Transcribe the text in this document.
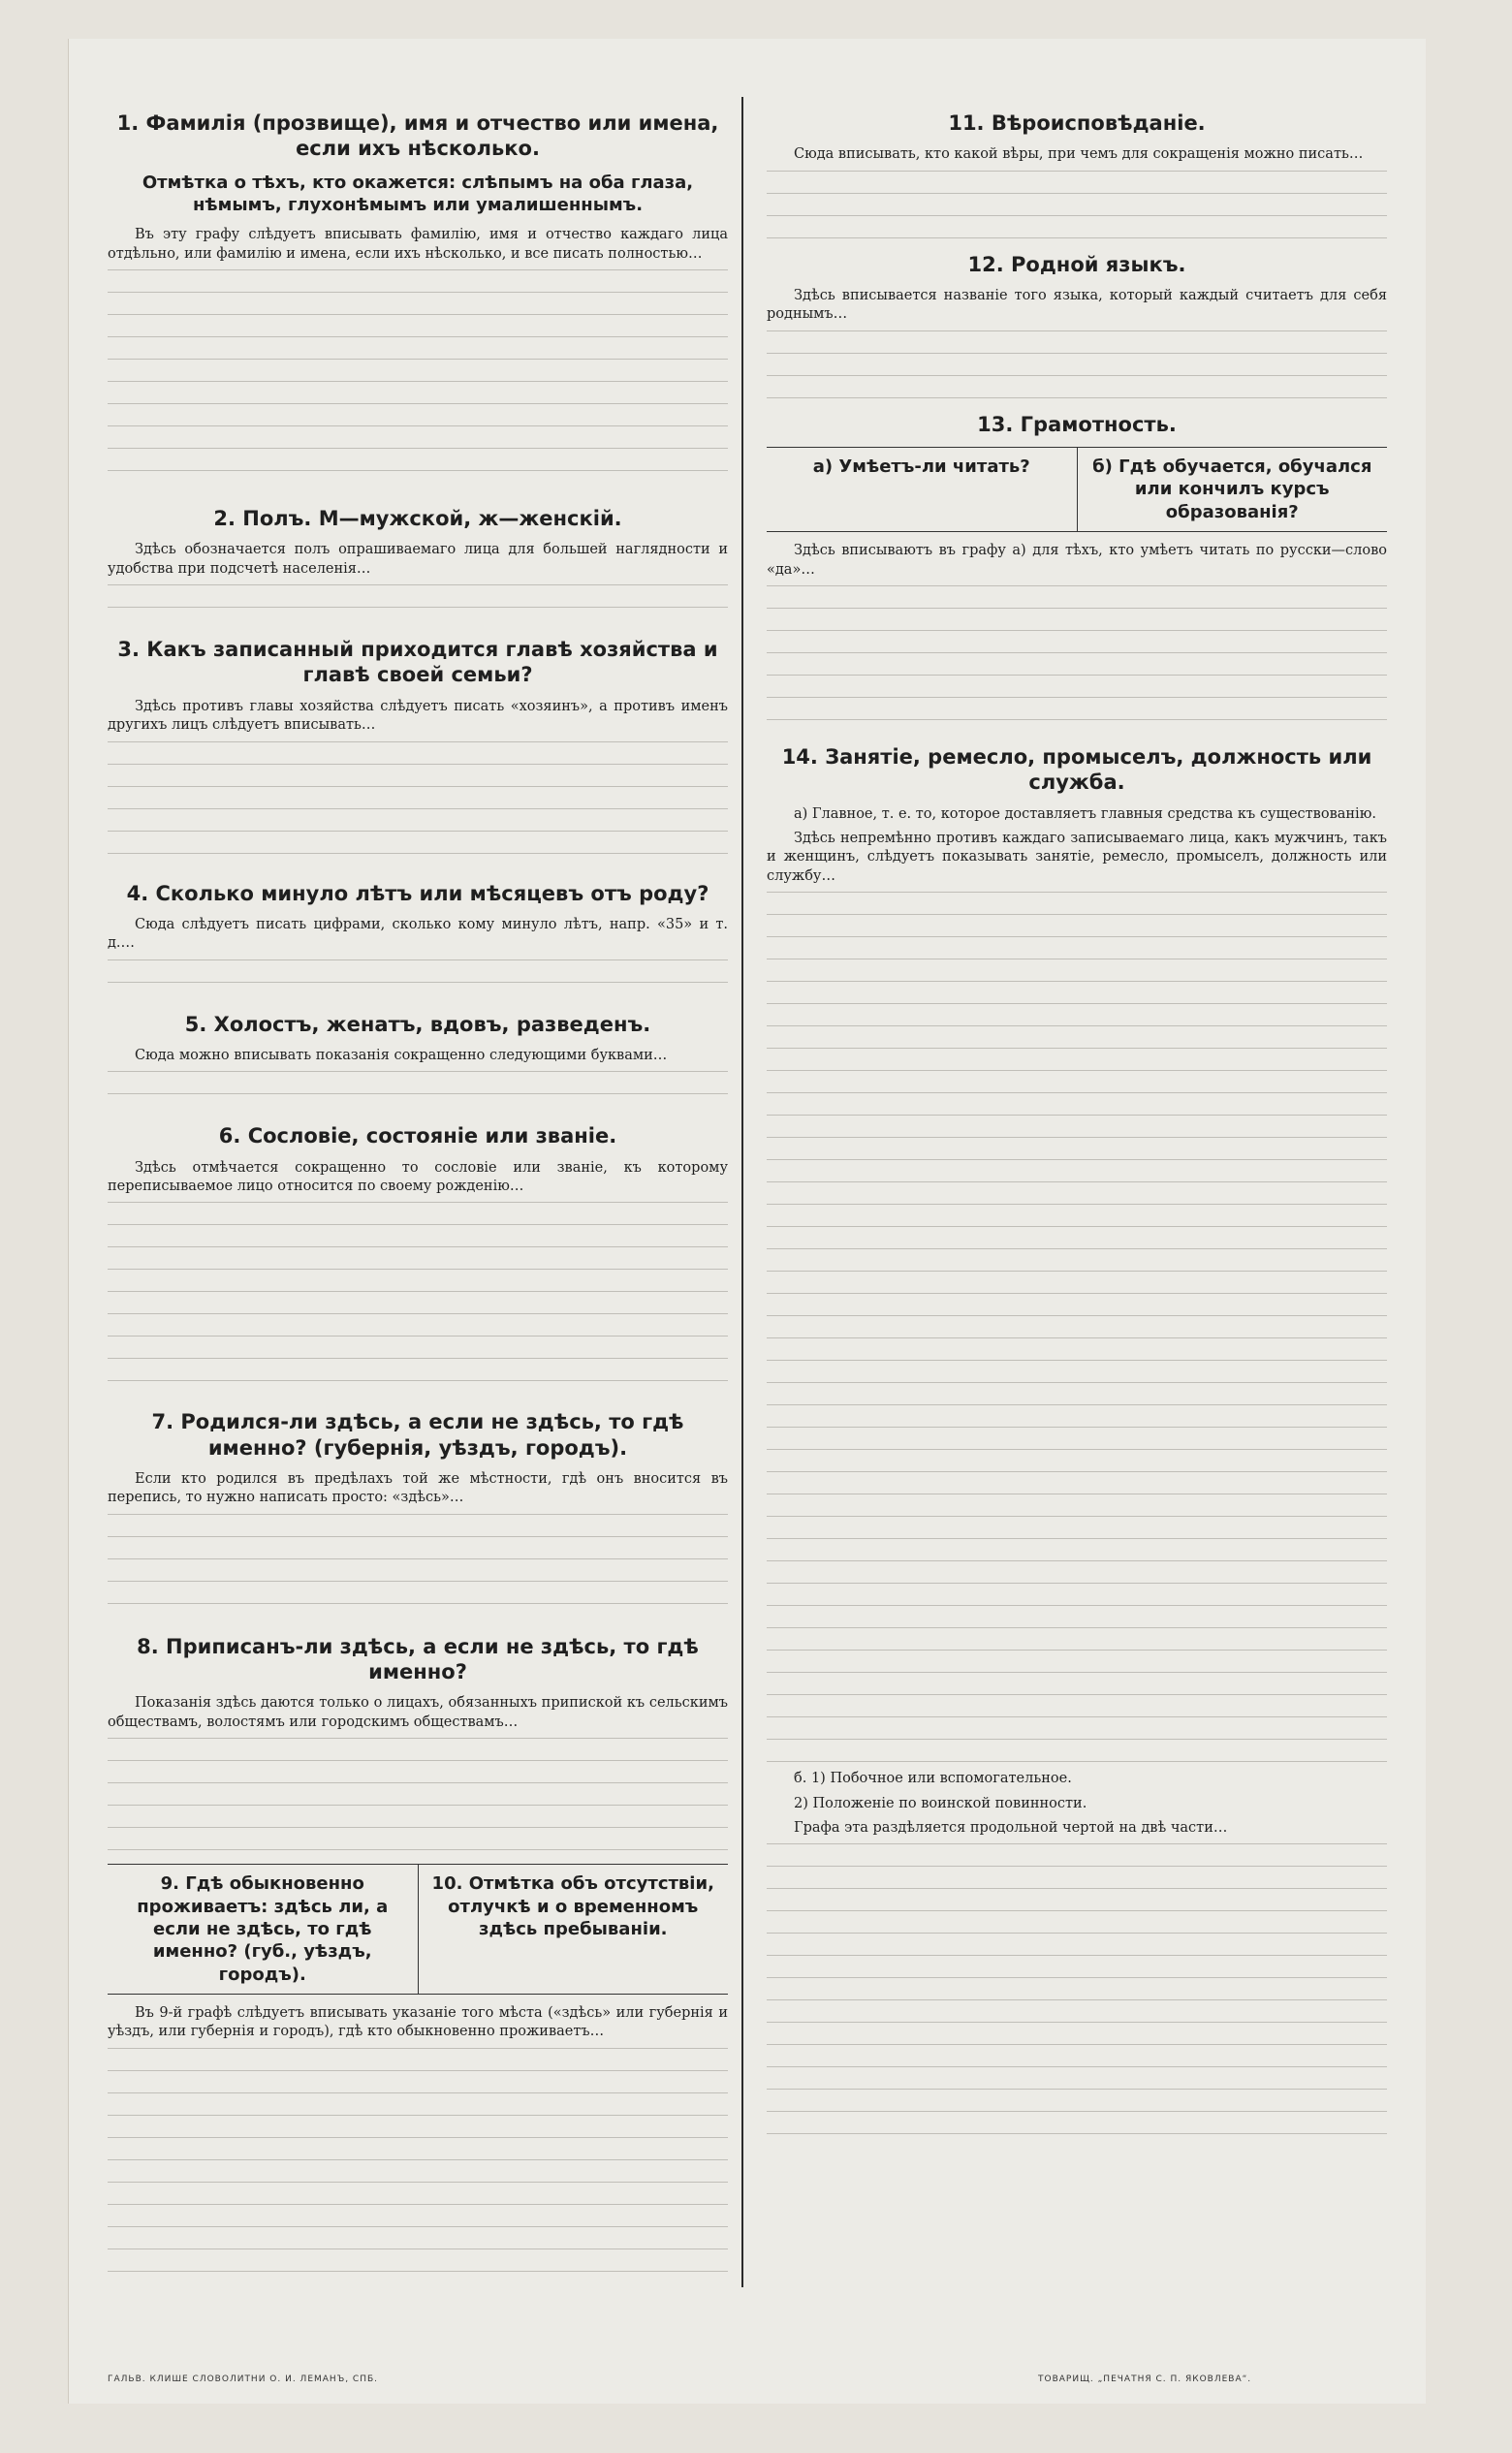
1. Фамилія (прозвище), имя и отчество или имена, если ихъ нѣсколько.
Отмѣтка о тѣхъ, кто окажется: слѣпымъ на оба глаза, нѣмымъ, глухонѣмымъ или умалишеннымъ.

Въ эту графу слѣдуетъ вписывать фамилію, имя и отчество каждаго лица отдѣльно, или фамилію и имена, если ихъ нѣсколько, и все писать полностью…

2. Полъ. М—мужской, ж—женскій.

Здѣсь обозначается полъ опрашиваемаго лица для большей наглядности и удобства при подсчетѣ населенія…

3. Какъ записанный приходится главѣ хозяйства и главѣ своей семьи?

Здѣсь противъ главы хозяйства слѣдуетъ писать «хозяинъ», а противъ именъ другихъ лицъ слѣдуетъ вписывать…

4. Сколько минуло лѣтъ или мѣсяцевъ отъ роду?

Сюда слѣдуетъ писать цифрами, сколько кому минуло лѣтъ, напр. «35» и т. д.…

5. Холостъ, женатъ, вдовъ, разведенъ.

Сюда можно вписывать показанія сокращенно следующими буквами…

6. Сословіе, состояніе или званіе.

Здѣсь отмѣчается сокращенно то сословіе или званіе, къ которому переписываемое лицо относится по своему рожденію…

7. Родился-ли здѣсь, а если не здѣсь, то гдѣ именно? (губернія, уѣздъ, городъ).

Если кто родился въ предѣлахъ той же мѣстности, гдѣ онъ вносится въ перепись, то нужно написать просто: «здѣсь»…

8. Приписанъ-ли здѣсь, а если не здѣсь, то гдѣ именно?

Показанія здѣсь даются только о лицахъ, обязанныхъ припиской къ сельскимъ обществамъ, волостямъ или городскимъ обществамъ…

9. Гдѣ обыкновенно проживаетъ: здѣсь ли, а если не здѣсь, то гдѣ именно? (губ., уѣздъ, городъ).
10. Отмѣтка объ отсутствіи, отлучкѣ и о временномъ здѣсь пребываніи.

Въ 9-й графѣ слѣдуетъ вписывать указаніе того мѣста («здѣсь» или губернія и уѣздъ, или губернія и городъ), гдѣ кто обыкновенно проживаетъ…

11. Вѣроисповѣданіе.

Сюда вписывать, кто какой вѣры, при чемъ для сокращенія можно писать…

12. Родной языкъ.

Здѣсь вписывается названіе того языка, который каждый считаетъ для себя роднымъ…

13. Грамотность.
а) Умѣетъ-ли читать?	б) Гдѣ обучается, обучался или кончилъ курсъ образованія?

Здѣсь вписываютъ въ графу а) для тѣхъ, кто умѣетъ читать по русски—слово «да»…

14. Занятіе, ремесло, промыселъ, должность или служба.

а) Главное, т. е. то, которое доставляетъ главныя средства къ существованію.

Здѣсь непремѣнно противъ каждаго записываемаго лица, какъ мужчинъ, такъ и женщинъ, слѣдуетъ показывать занятіе, ремесло, промыселъ, должность или службу…

б. 1) Побочное или вспомогательное.

2) Положеніе по воинской повинности.

Графа эта раздѣляется продольной чертой на двѣ части…

ГАЛЬВ. КЛИШЕ СЛОВОЛИТНИ О. И. ЛЕМАНЪ, СПБ.	ТОВАРИЩ. „ПЕЧАТНЯ С. П. ЯКОВЛЕВА“.
